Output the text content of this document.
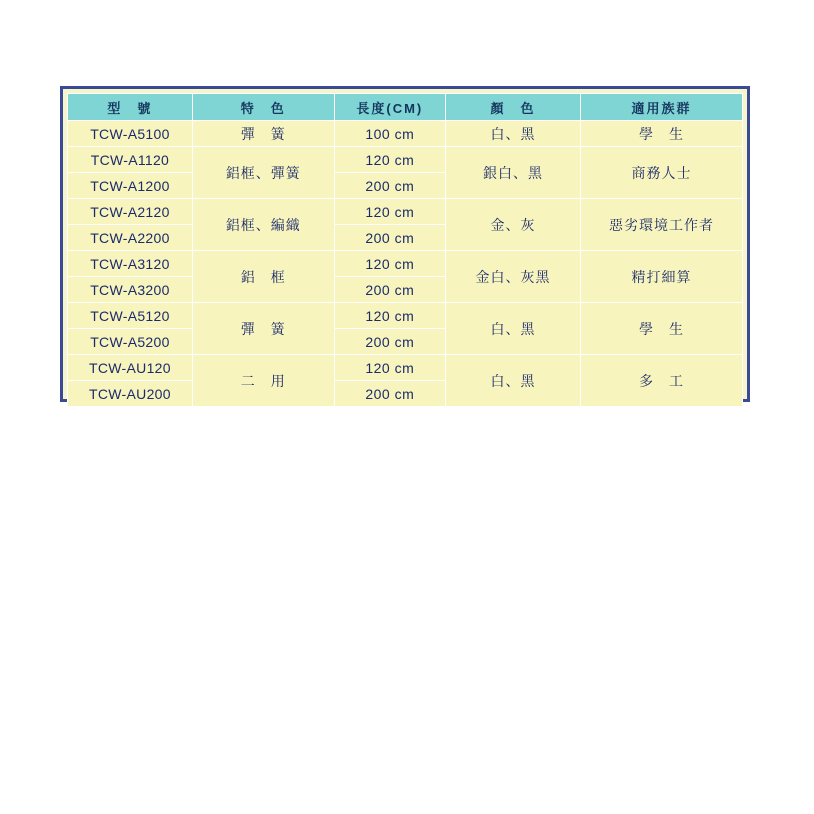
型　號	特　色	長度(CM)	顏　色	適用族群
TCW-A5100	彈　簧	100 cm	白、黑	學　生
TCW-A1120	鋁框、彈簧	120 cm	銀白、黑	商務人士
TCW-A1200		200 cm		
TCW-A2120	鋁框、編織	120 cm	金、灰	惡劣環境工作者
TCW-A2200		200 cm		
TCW-A3120	鋁　框	120 cm	金白、灰黑	精打細算
TCW-A3200		200 cm		
TCW-A5120	彈　簧	120 cm	白、黑	學　生
TCW-A5200		200 cm		
TCW-AU120	二　用	120 cm	白、黑	多　工
TCW-AU200		200 cm		
